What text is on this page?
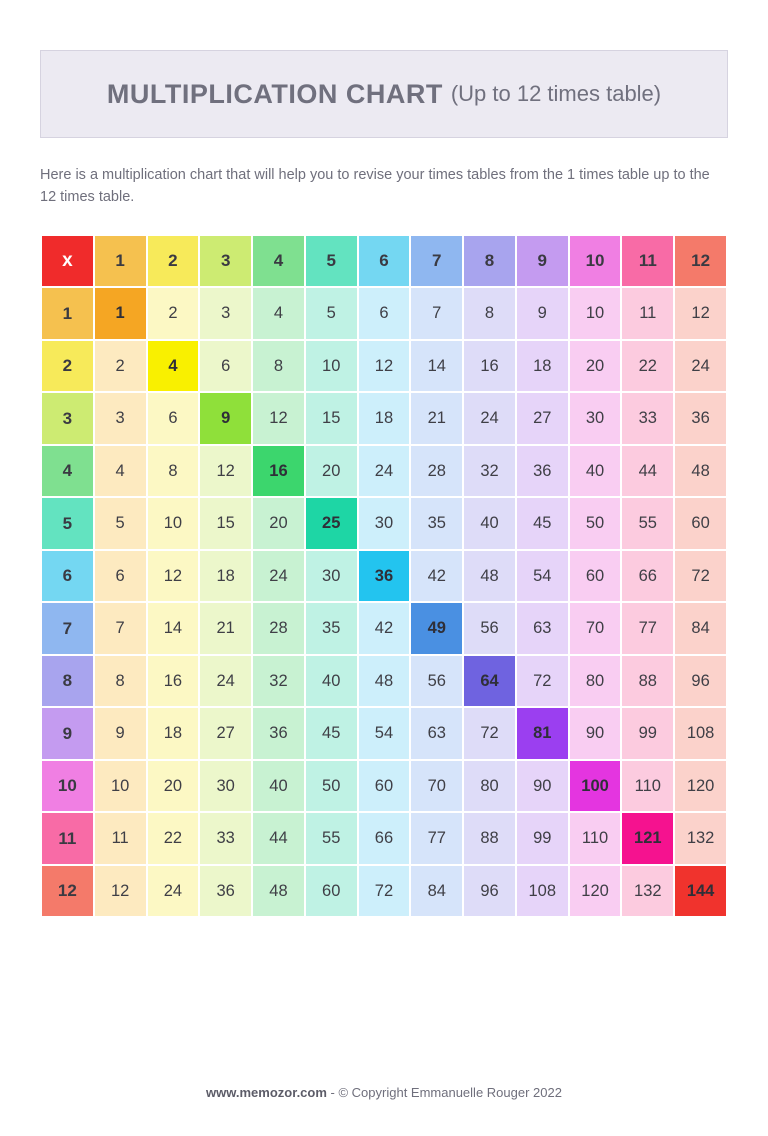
MULTIPLICATION CHART (Up to 12 times table)
Here is a multiplication chart that will help you to revise your times tables from the 1 times table up to the 12 times table.
x	1	2	3	4	5	6	7	8	9	10	11	12
1	1	2	3	4	5	6	7	8	9	10	11	12
2	2	4	6	8	10	12	14	16	18	20	22	24
3	3	6	9	12	15	18	21	24	27	30	33	36
4	4	8	12	16	20	24	28	32	36	40	44	48
5	5	10	15	20	25	30	35	40	45	50	55	60
6	6	12	18	24	30	36	42	48	54	60	66	72
7	7	14	21	28	35	42	49	56	63	70	77	84
8	8	16	24	32	40	48	56	64	72	80	88	96
9	9	18	27	36	45	54	63	72	81	90	99	108
10	10	20	30	40	50	60	70	80	90	100	110	120
11	11	22	33	44	55	66	77	88	99	110	121	132
12	12	24	36	48	60	72	84	96	108	120	132	144
www.memozor.com - © Copyright Emmanuelle Rouger 2022
